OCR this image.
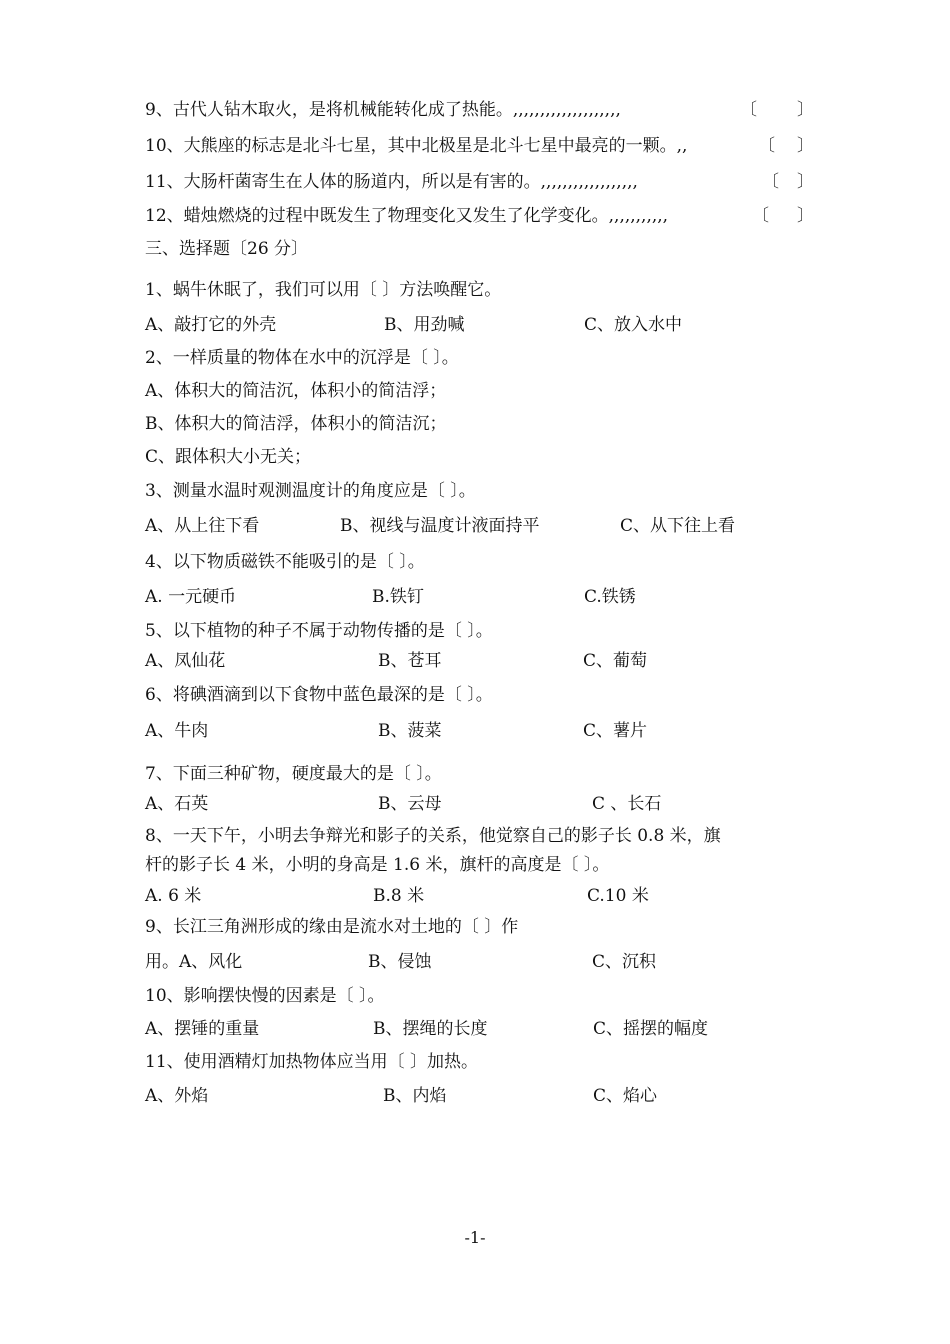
9、古代人钻木取火，是将机械能转化成了热能。,,,,,,,,,,,,,,,,,,,,	〔 〕
10、大熊座的标志是北斗七星，其中北极星是北斗七星中最亮的一颗。,,	〔 〕
11、大肠杆菌寄生在人体的肠道内，所以是有害的。,,,,,,,,,,,,,,,,,,	〔 〕
12、蜡烛燃烧的过程中既发生了物理变化又发生了化学变化。,,,,,,,,,,,	〔 〕
三、选择题〔26 分〕
1、蜗牛休眠了，我们可以用〔 〕方法唤醒它。
A、敲打它的外壳	B、用劲喊	C、放入水中
2、一样质量的物体在水中的沉浮是〔 〕。
A、体积大的简洁沉，体积小的简洁浮；
B、体积大的简洁浮，体积小的简洁沉；
C、跟体积大小无关；
3、测量水温时观测温度计的角度应是〔 〕。
A、从上往下看	B、视线与温度计液面持平	C、从下往上看
4、以下物质磁铁不能吸引的是〔 〕。
A. 一元硬币	B.铁钉	C.铁锈
5、以下植物的种子不属于动物传播的是〔 〕。
A、凤仙花	B、苍耳	C、葡萄
6、将碘酒滴到以下食物中蓝色最深的是〔 〕。
A、牛肉	B、菠菜	C、薯片
7、下面三种矿物，硬度最大的是〔 〕。
A、石英	B、云母	C 、长石
8、一天下午，小明去争辩光和影子的关系，他觉察自己的影子长 0.8 米，旗
杆的影子长 4 米，小明的身高是 1.6 米，旗杆的高度是〔 〕。
A. 6 米	B.8 米	C.10 米
9、长江三角洲形成的缘由是流水对土地的〔 〕作
用。A、风化	B、侵蚀	C、沉积
10、影响摆快慢的因素是〔 〕。
A、摆锤的重量	B、摆绳的长度	C、摇摆的幅度
11、使用酒精灯加热物体应当用〔 〕加热。
A、外焰	B、内焰	C、焰心
-1-
